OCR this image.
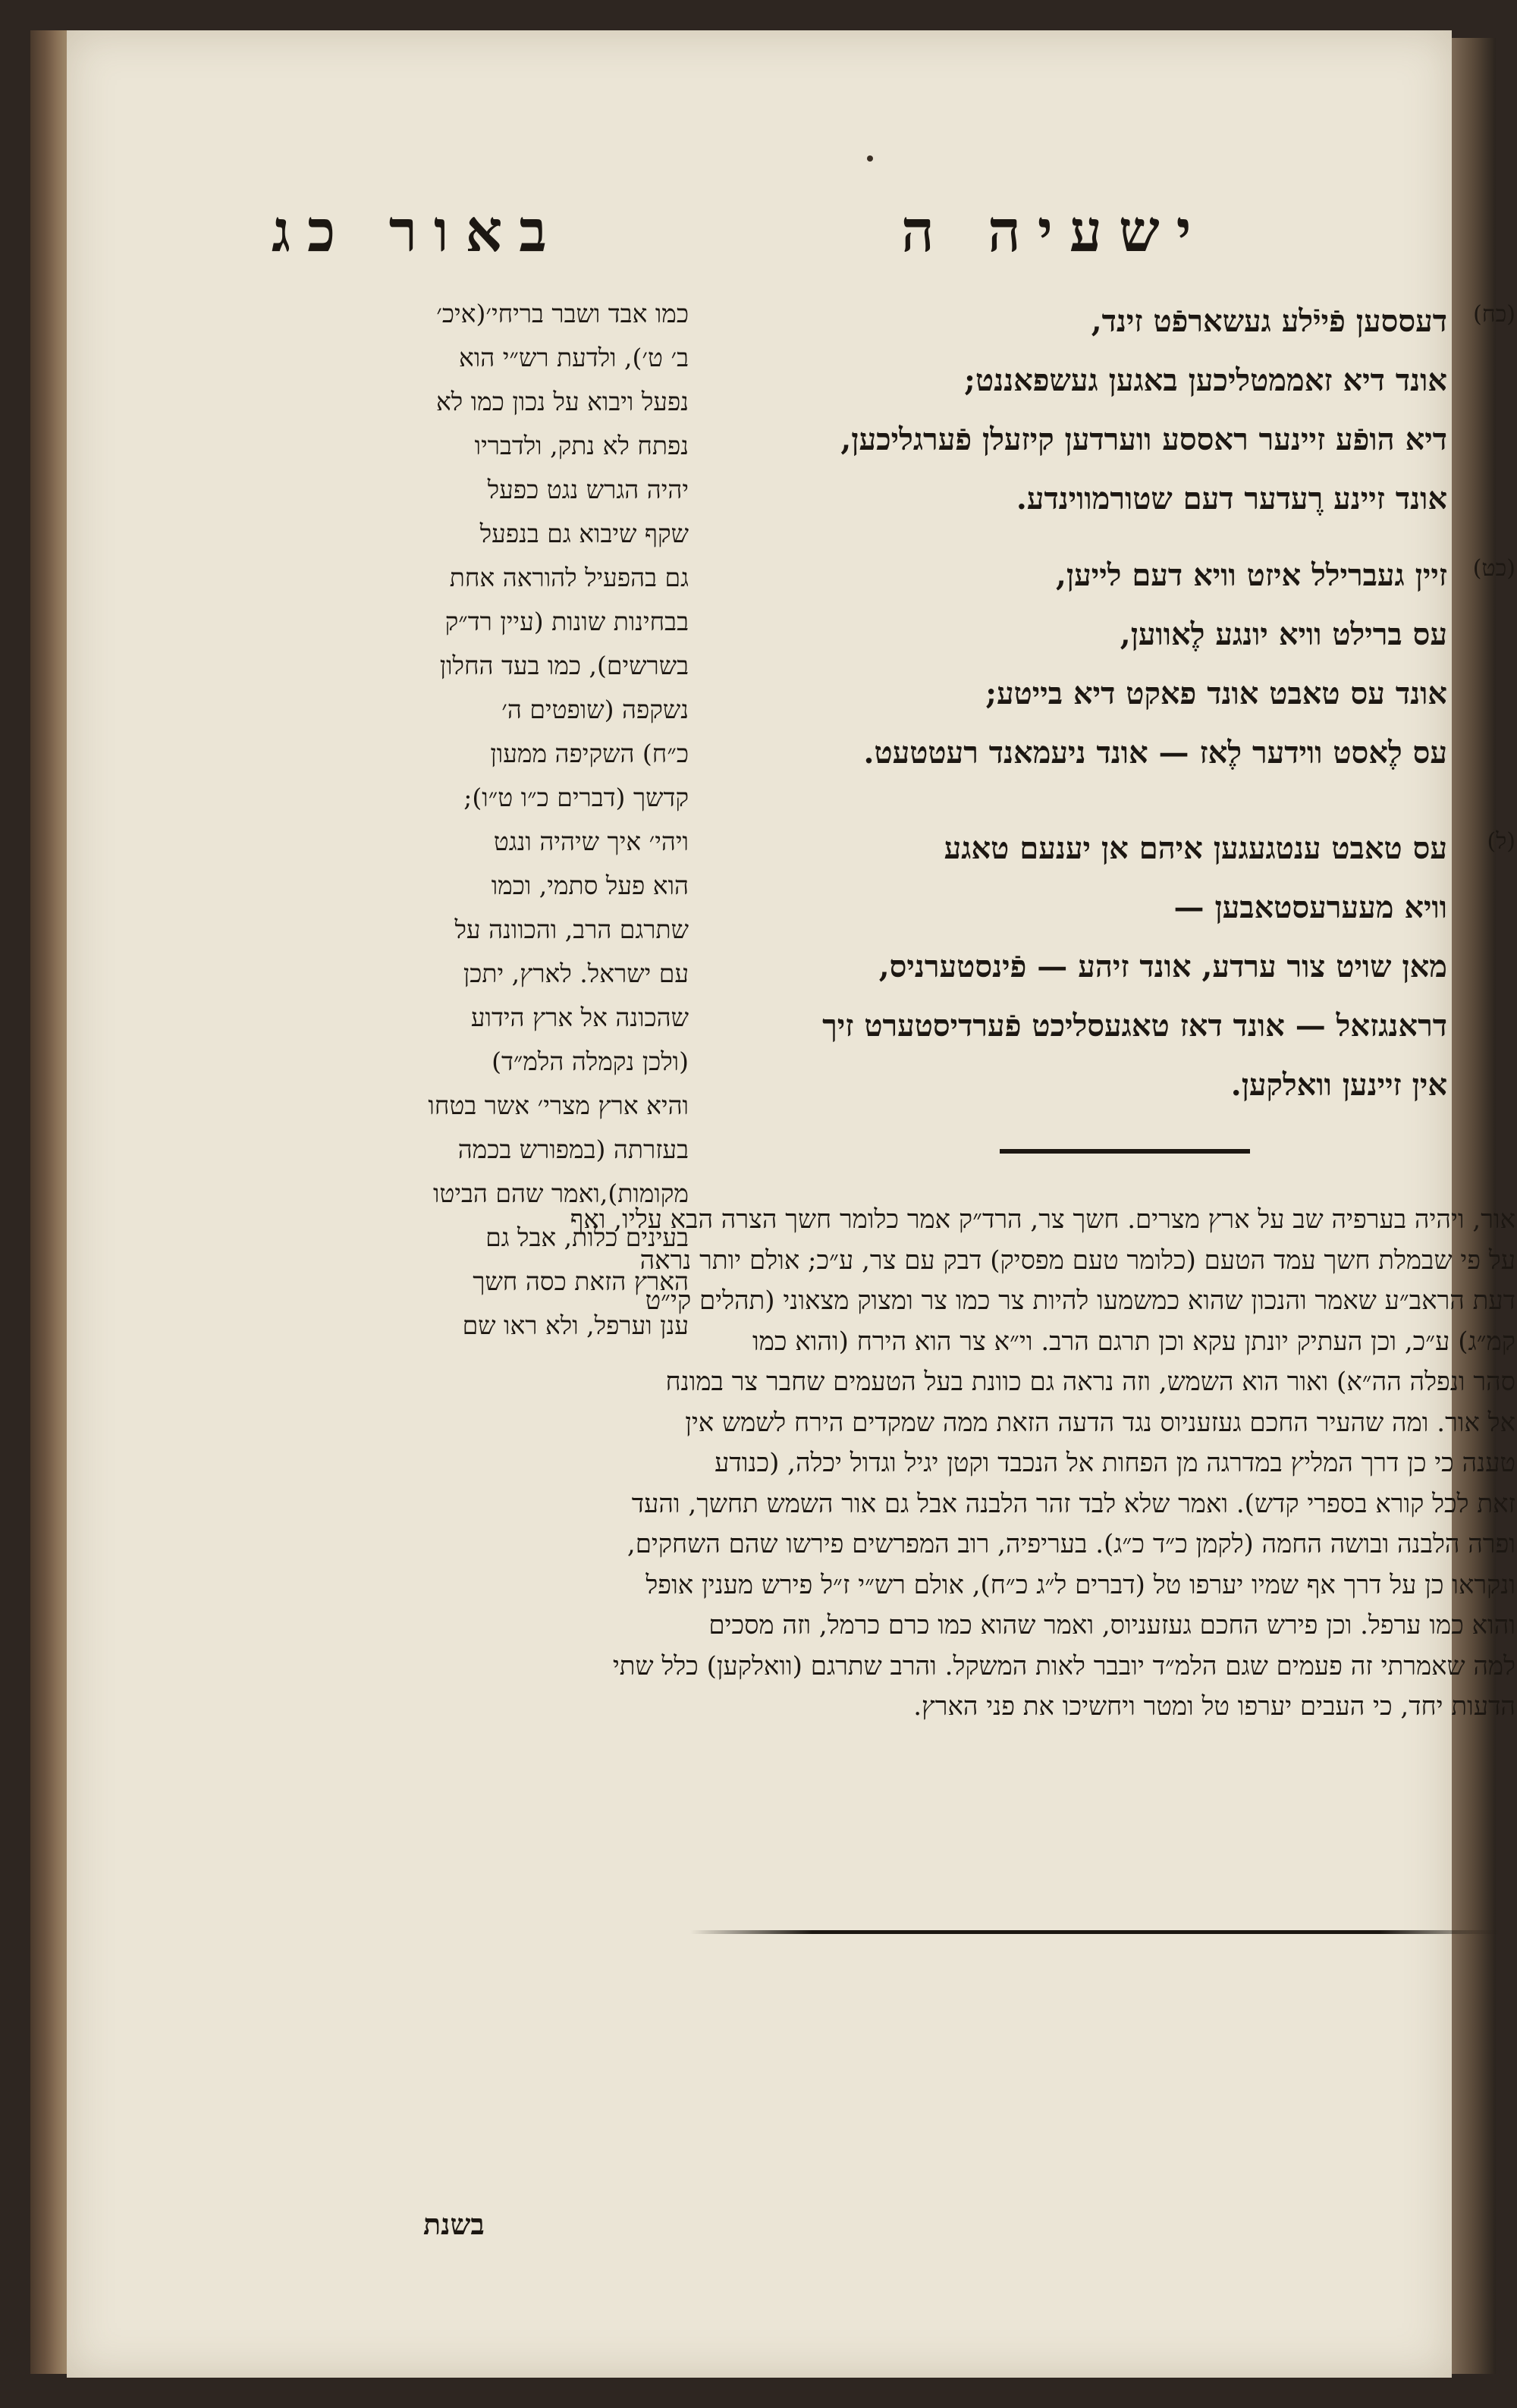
באור כג	ישעיה ה
כמו אבד ושבר בריחי׳(איכ׳
ב׳ ט׳), ולדעת רש״י הוא
נפעל ויבוא על נכון כמו לא
נפתח לא נתק, ולדבריו
יהיה הגרש נגט כפעל
שקף שיבוא גם בנפעל
גם בהפעיל להוראה אחת
בבחינות שונות (עיין רד״ק
בשרשים), כמו בעד החלון
נשקפה (שופטים ה׳
כ״ח) השקיפה ממעון
קדשך (דברים כ״ו ט״ו);
ויהי׳ איך שיהיה ונגט
הוא פעל סתמי, וכמו
שתרגם הרב, והכוונה על
עם ישראל. לארץ, יתכן
שהכונה אל ארץ הידוע
(ולכן נקמלה הלמ״ד)
והיא ארץ מצרי׳ אשר בטחו
בעזרתה (במפורש בכמה
מקומות),ואמר שהם הביטו
בעינים כלות, אבל גם
הארץ הזאת כסה חשך
ענן וערפל, ולא ראו שם
(כח)
דעססען פֿייֿלע געשארפֿט זינד,
אונד דיא זאממטליכען באגען געשפאננט;
דיא הופֿע זיינער ראססע ווערדען קיזעלן פֿערגליכען,
אונד זיינע רֶעדער דעם שטורמווינדע.
(כט)
זיין געברילל איזט וויא דעם לייען,
עס ברילט וויא יונגע לֶאווען,
אונד עס טאבט אונד פאקט דיא בייטע;
עס לֶאסט ווידער לֶאז — אונד ניעמאנד רעטטעט.
(ל)
עס טאבט ענטגעגען איהם אן יענעם טאגע
וויא מעערעסטאבען —
מאן שויט צור ערדע, אונד זיהע — פֿינסטערניס,
דראנגזאל — אונד דאז טאגעסליכט פֿערדיסטערט זיך
אין זיינען וואלקען.
אור, ויהיה בערפיה שב על ארץ מצרים. חשך צר, הרד״ק אמר כלומר חשך הצרה הבא עליו, ואף
על פי שבמלת חשך עמד הטעם (כלומר טעם מפסיק) דבק עם צר, ע״כ; אולם יותר נראה
דעת הראב״ע שאמר והנכון שהוא כמשמעו להיות צר כמו צר ומצוק מצאוני (תהלים קי״ט
קמ״ג) ע״כ, וכן העתיק יונתן עקא וכן תרגם הרב. וי״א צר הוא הירח (והוא כמו
סהר ונפלה הה״א) ואור הוא השמש, וזה נראה גם כוונת בעל הטעמים שחבר צר במונח
אל אור. ומה שהעיר החכם געזעניוס נגד הדעה הזאת ממה שמקדים הירח לשמש אין
טענה כי כן דרך המליץ במדרגה מן הפחות אל הנכבד וקטן יגיל וגדול יכלה, (כנודע
זאת לכל קורא בספרי קדש). ואמר שלא לבד זהר הלבנה אבל גם אור השמש תחשך, והעד
ופרה הלבנה ובושה החמה (לקמן כ״ד כ״ג). בעריפיה, רוב המפרשים פירשו שהם השחקים,
ונקראו כן על דרך אף שמיו יערפו טל (דברים ל״ג כ״ח), אולם רש״י ז״ל פירש מענין אופל
והוא כמו ערפל. וכן פירש החכם געזעניוס, ואמר שהוא כמו כרם כרמל, וזה מסכים
למה שאמרתי זה פעמים שגם הלמ״ד יובבר לאות המשקל. והרב שתרגם (וואלקען) כלל שתי
הדעות יחד, כי העבים יערפו טל ומטר ויחשיכו את פני הארץ.
בשנת
